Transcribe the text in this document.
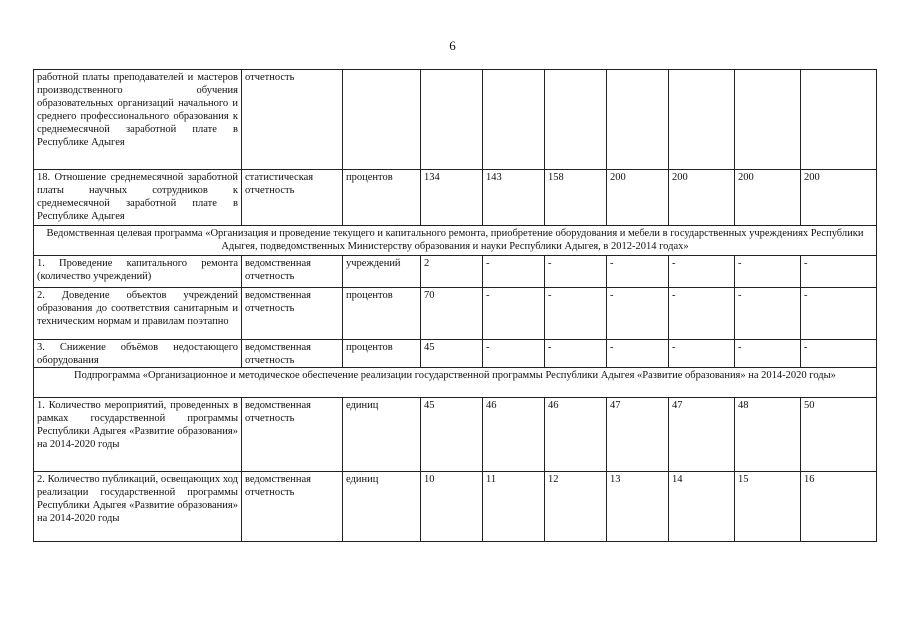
6
работной платы преподавателей и мастеров производственного обучения образовательных организаций начального и среднего профессионального образования к среднемесячной заработной плате в Республике Адыгея	отчетность								
18. Отношение среднемесячной заработной платы научных сотрудников к среднемесячной заработной плате в Республике Адыгея	статистическая отчетность	процентов	134	143	158	200	200	200	200
Ведомственная целевая программа «Организация и проведение текущего и капитального ремонта, приобретение оборудования и мебели в государственных учреждениях Республики Адыгея, подведомственных Министерству образования и науки Республики Адыгея, в 2012-2014 годах»									
1. Проведение капитального ремонта (количество учреждений)	ведомственная отчетность	учреждений	2	-	-	-	-	-	-
2. Доведение объектов учреждений образования до соответствия санитарным и техническим нормам и правилам поэтапно	ведомственная отчетность	процентов	70	-	-	-	-	-	-
3. Снижение объёмов недостающего оборудования	ведомственная отчетность	процентов	45	-	-	-	-	-	-
Подпрограмма «Организационное и методическое обеспечение реализации государственной программы Республики Адыгея «Развитие образования» на 2014-2020 годы»									
1. Количество мероприятий, проведенных в рамках государственной программы Республики Адыгея «Развитие образования» на 2014-2020 годы	ведомственная отчетность	единиц	45	46	46	47	47	48	50
2. Количество публикаций, освещающих ход реализации государственной программы Республики Адыгея «Развитие образования» на 2014-2020 годы	ведомственная отчетность	единиц	10	11	12	13	14	15	16
